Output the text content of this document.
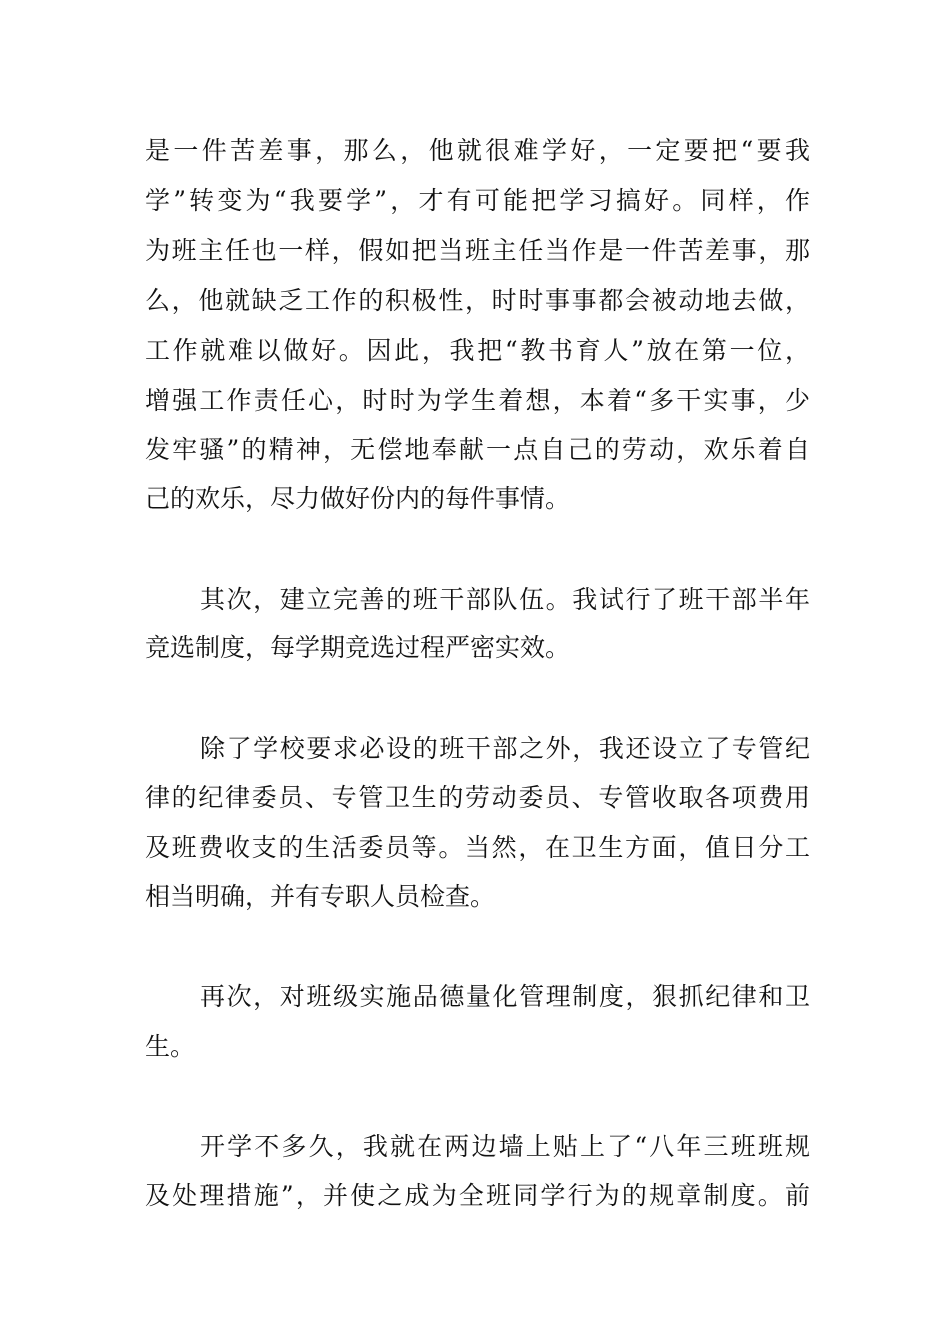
是一件苦差事，那么，他就很难学好，一定要把“要我
学”转变为“我要学”，才有可能把学习搞好。同样，作
为班主任也一样，假如把当班主任当作是一件苦差事，那
么，他就缺乏工作的积极性，时时事事都会被动地去做，
工作就难以做好。因此，我把“教书育人”放在第一位，
增强工作责任心，时时为学生着想，本着“多干实事，少
发牢骚”的精神，无偿地奉献一点自己的劳动，欢乐着自
己的欢乐，尽力做好份内的每件事情。
其次，建立完善的班干部队伍。我试行了班干部半年
竞选制度，每学期竞选过程严密实效。
除了学校要求必设的班干部之外，我还设立了专管纪
律的纪律委员、专管卫生的劳动委员、专管收取各项费用
及班费收支的生活委员等。当然，在卫生方面，值日分工
相当明确，并有专职人员检查。
再次，对班级实施品德量化管理制度，狠抓纪律和卫
生。
开学不多久，我就在两边墙上贴上了“八年三班班规
及处理措施”，并使之成为全班同学行为的规章制度。前
